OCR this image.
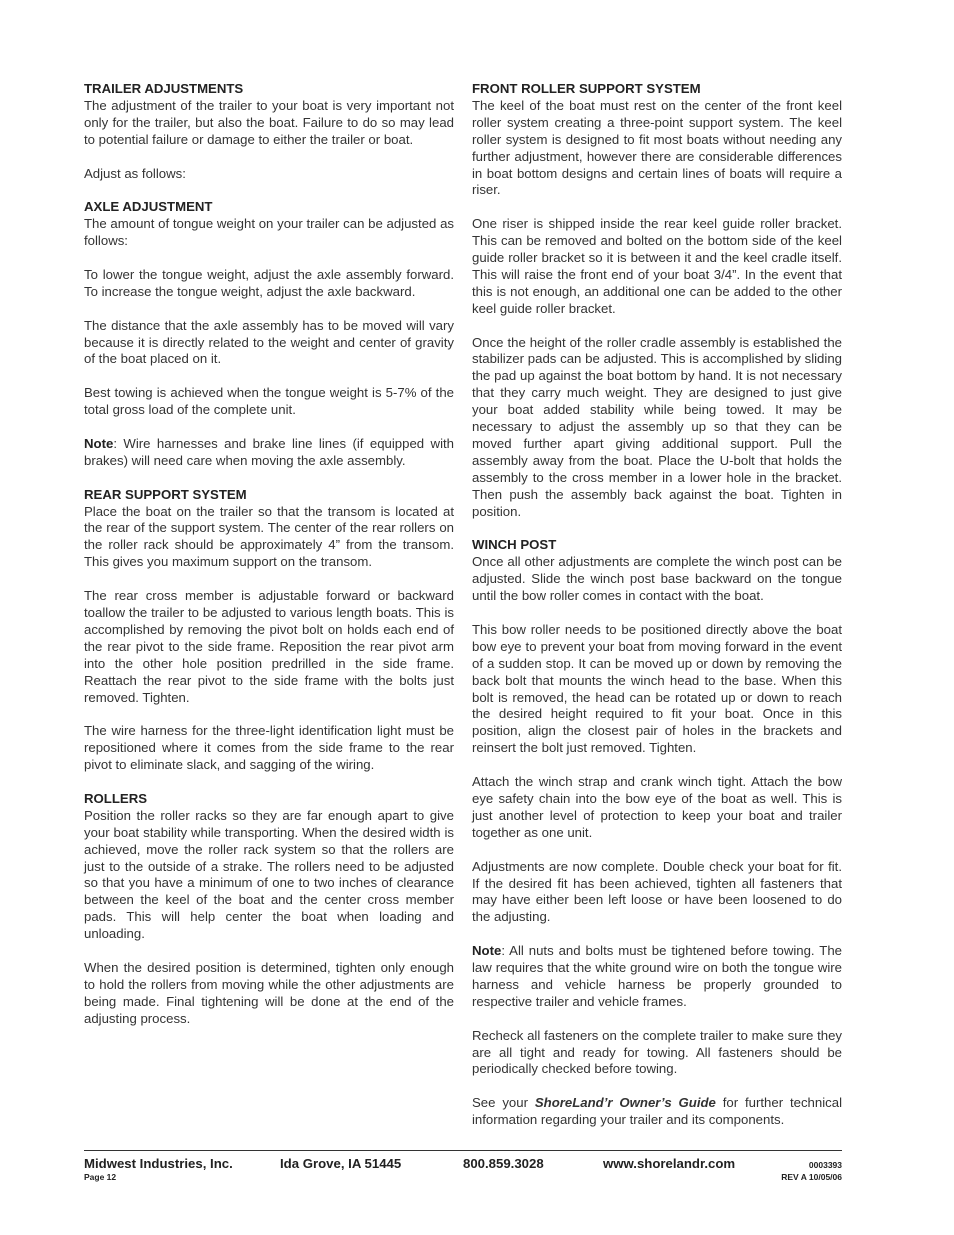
TRAILER ADJUSTMENTS

The adjustment of the trailer to your boat is very important not only for the trailer, but also the boat. Failure to do so may lead to potential failure or damage to either the trailer or boat.

Adjust as follows:

AXLE ADJUSTMENT

The amount of tongue weight on your trailer can be adjusted as follows:

To lower the tongue weight, adjust the axle assembly forward. To increase the tongue weight, adjust the axle backward.

The distance that the axle assembly has to be moved will vary because it is directly related to the weight and center of gravity of the boat placed on it.

Best towing is achieved when the tongue weight is 5-7% of the total gross load of the complete unit.

Note: Wire harnesses and brake line lines (if equipped with brakes) will need care when moving the axle assembly.

REAR SUPPORT SYSTEM

Place the boat on the trailer so that the transom is located at the rear of the support system. The center of the rear rollers on the roller rack should be approximately 4” from the transom. This gives you maximum support on the transom.

The rear cross member is adjustable forward or backward toallow the trailer to be adjusted to various length boats. This is accomplished by removing the pivot bolt on holds each end of the rear pivot to the side frame. Reposition the rear pivot arm into the other hole position predrilled in the side frame. Reattach the rear pivot to the side frame with the bolts just removed. Tighten.

The wire harness for the three-light identification light must be repositioned where it comes from the side frame to the rear pivot to eliminate slack, and sagging of the wiring.

ROLLERS

Position the roller racks so they are far enough apart to give your boat stability while transporting. When the desired width is achieved, move the roller rack system so that the rollers are just to the outside of a strake. The rollers need to be adjusted so that you have a minimum of one to two inches of clearance between the keel of the boat and the center cross member pads. This will help center the boat when loading and unloading.

When the desired position is determined, tighten only enough to hold the rollers from moving while the other adjustments are being made. Final tightening will be done at the end of the adjusting process.

FRONT ROLLER SUPPORT SYSTEM

The keel of the boat must rest on the center of the front keel roller system creating a three-point support system. The keel roller system is designed to fit most boats without needing any further adjustment, however there are considerable differences in boat bottom designs and certain lines of boats will require a riser.

One riser is shipped inside the rear keel guide roller bracket. This can be removed and bolted on the bottom side of the keel guide roller bracket so it is between it and the keel cradle itself. This will raise the front end of your boat 3/4”. In the event that this is not enough, an additional one can be added to the other keel guide roller bracket.

Once the height of the roller cradle assembly is established the stabilizer pads can be adjusted. This is accomplished by sliding the pad up against the boat bottom by hand. It is not necessary that they carry much weight. They are designed to just give your boat added stability while being towed. It may be necessary to adjust the assembly up so that they can be moved further apart giving additional support. Pull the assembly away from the boat. Place the U-bolt that holds the assembly to the cross member in a lower hole in the bracket. Then push the assembly back against the boat. Tighten in position.

WINCH POST

Once all other adjustments are complete the winch post can be adjusted. Slide the winch post base backward on the tongue until the bow roller comes in contact with the boat.

This bow roller needs to be positioned directly above the boat bow eye to prevent your boat from moving forward in the event of a sudden stop. It can be moved up or down by removing the back bolt that mounts the winch head to the base. When this bolt is removed, the head can be rotated up or down to reach the desired height required to fit your boat. Once in this position, align the closest pair of holes in the brackets and reinsert the bolt just removed. Tighten.

Attach the winch strap and crank winch tight. Attach the bow eye safety chain into the bow eye of the boat as well. This is just another level of protection to keep your boat and trailer together as one unit.

Adjustments are now complete. Double check your boat for fit. If the desired fit has been achieved, tighten all fasteners that may have either been left loose or have been loosened to do the adjusting.

Note: All nuts and bolts must be tightened before towing. The law requires that the white ground wire on both the tongue wire harness and vehicle harness be properly grounded to respective trailer and vehicle frames.

Recheck all fasteners on the complete trailer to make sure they are all tight and ready for towing. All fasteners should be periodically checked before towing.

See your ShoreLand’r Owner’s Guide for further technical information regarding your trailer and its components.

Midwest Industries, Inc.	Ida Grove, IA 51445	800.859.3028	www.shorelandr.com
Page 12
0003393
REV A 10/05/06
